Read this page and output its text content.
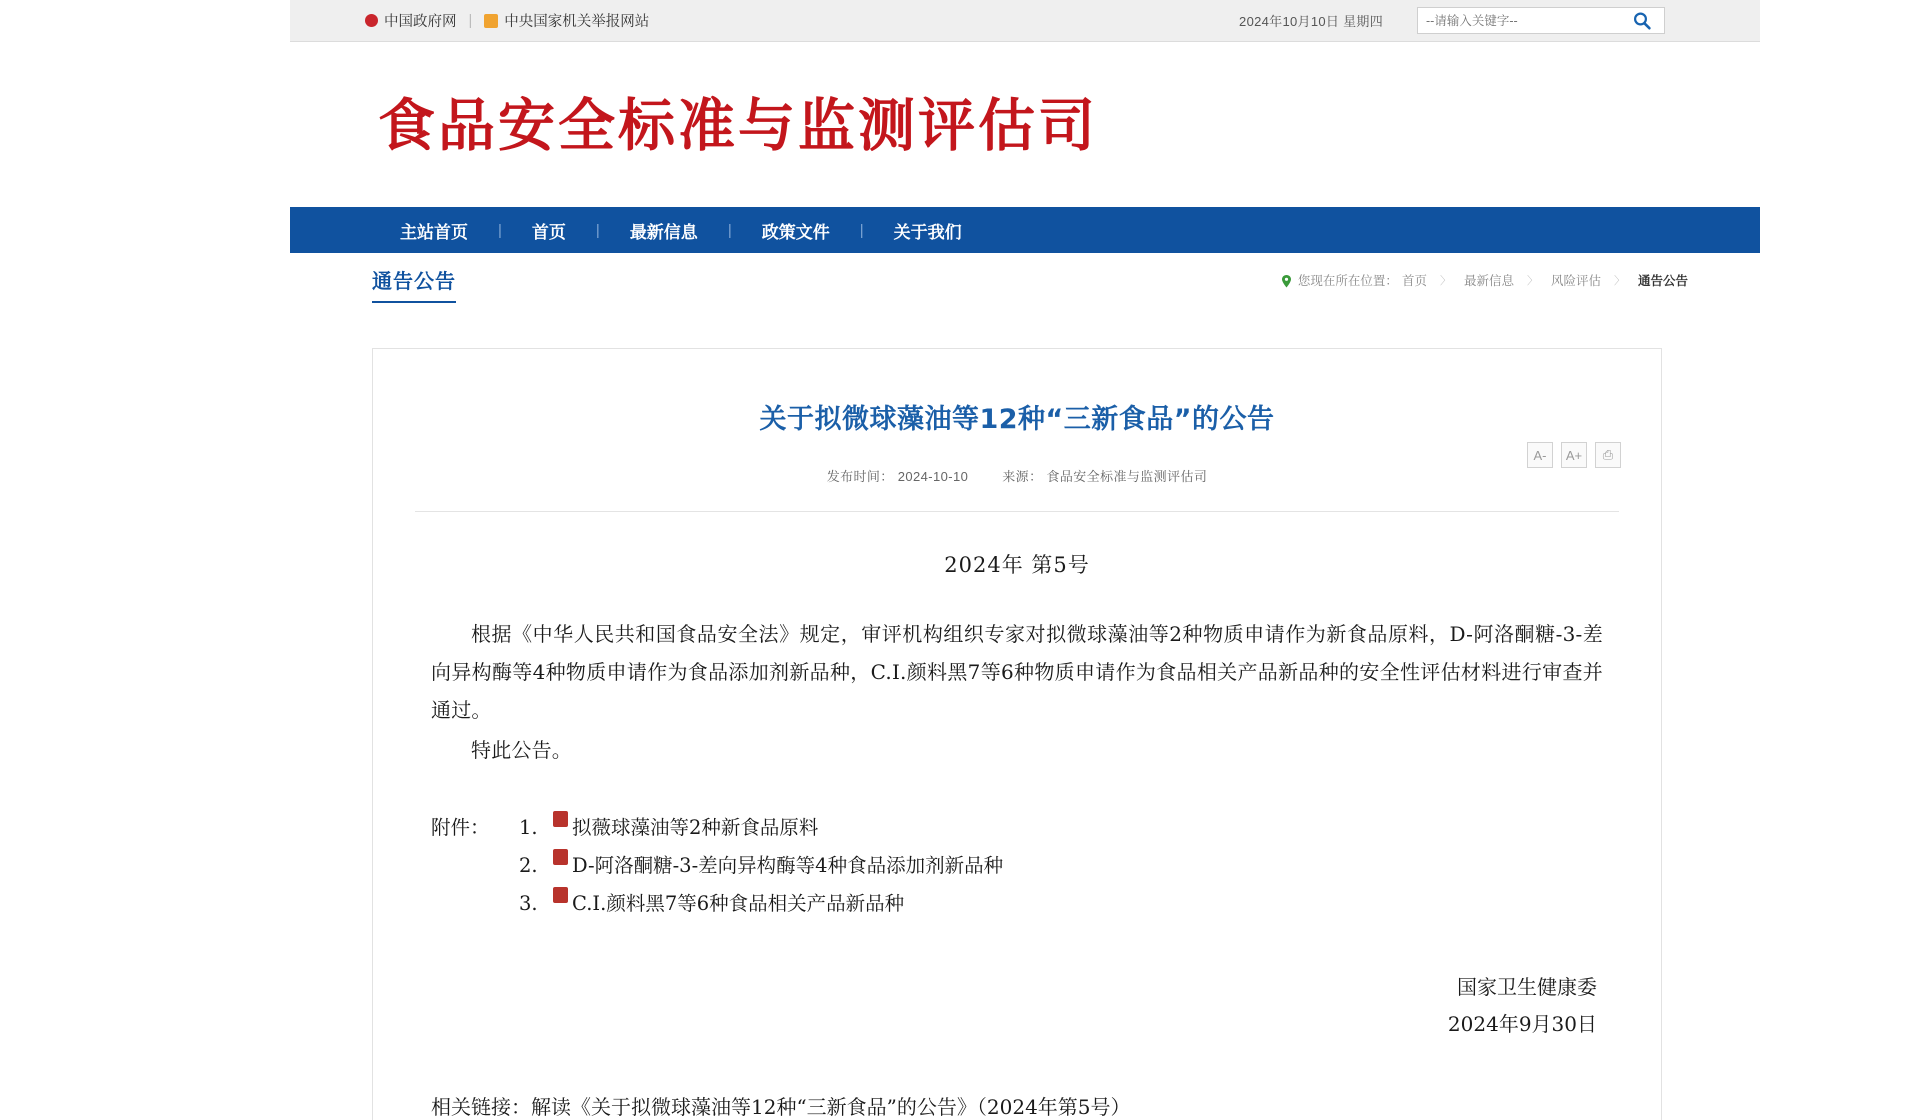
中国政府网 | 中央国家机关举报网站	2024年10月10日 星期四
--请输入关键字--
食品安全标准与监测评估司
主站首页	|	首页	|	最新信息	|	政策文件	|	关于我们
通告公告	您现在所在位置： 首页 〉 最新信息 〉 风险评估 〉 通告公告
关于拟微球藻油等12种“三新食品”的公告
发布时间： 2024-10-10	来源： 食品安全标准与监测评估司
A-	A+	⎙
2024年 第5号
根据《中华人民共和国食品安全法》规定，审评机构组织专家对拟微球藻油等2种物质申请作为新食品原料，D-阿洛酮糖-3-差向异构酶等4种物质申请作为食品添加剂新品种，C.I.颜料黑7等6种物质申请作为食品相关产品新品种的安全性评估材料进行审查并通过。
特此公告。
附件：	1.	拟薇球藻油等2种新食品原料
2.	D-阿洛酮糖-3-差向异构酶等4种食品添加剂新品种
3.	C.I.颜料黑7等6种食品相关产品新品种
国家卫生健康委
2024年9月30日
相关链接：解读《关于拟微球藻油等12种“三新食品”的公告》（2024年第5号）
